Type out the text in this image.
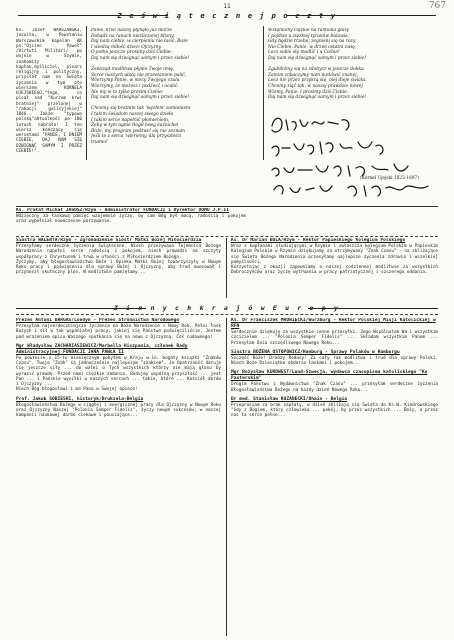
11	767
Z e ś w i ą t e c z n e j p o c z t y
Ks. Józef WARSZAWSKI, jezuita, w Powstaniu Warszawskim kapelan AK ps."Ojciec Paweł" /Virtuti Militari/ po wojnie w Szymie, znakomity kapłan,myśliciel, pisarz religijny i polityczny, przysłał nam na Święta życzenia w tym oto wierszem KORNELA UJEJSKIEGO,"tego, co pisał nad "Kurzem krwi bratniej" przelanej w "rabacji galicyjskiej" 1846. Jakże "typowo polską"aktualność po 100 latach nabrała! I ten wiersz kończący się wersetami "PANIE, I DNIEM CIEBIE, DAJ NAM SIĘ DZWIGNĄĆ SAMYM I PRZEZ CIEBIE!".
Panie, krwi naszej płynęło już morze
Dobądź na ranach niezliczonej blizny.
Daj nam ciebie, w cierpieniu nie łasić, Boże
I wiedzą miłość dzieci Ojczyzny.
O jedno jeszcze prosimy dziś Ciebie:
Daj nam się dźwignąć samym i przez siebie!

Zewsząd modlitwa płynie Twoje imię,
Serce naszych ułatę nie przestaniem palić,
Wierzymy Panie, w mocy Twojego czulu
Wierzymy, że możesz i podźwić i ocalić.
Ale my w to tylko prosim Ciebie:
Daj nam się dźwignąć samym i przez siebie!

Chcemy się bratnim tak 'węzłem' zamieniem
I takim świadom naszej swego dzieła
I takim serce napełnić płomieniem,
Żeby w tym ugnie tłogił beeg kaźnichel
Boże, my pragnim podźwić się nie zeznam
Jeśli to z serca 'wieriemy, dla przyszłości
trudno!
Wstąmieny ciężkie na ramiona głazy
I pojdzie u ciężkiej tyranów bulawie,
Gdy będzie trzeba, zegnieni się na rozy,
Nie Ciebie, Panie, w drzwi ostatni zwię,
Lecz sobie się modlić i u Ciebie!
Daj nam się dźwignąć samym i przez siebie!

Zgubiliśmy się na zdobycz w jeszcze dobka
Zamim zobaczymy nam wzdówić znanej,
Lecz nie przez przykrą się, niej dieje świata,
Chcemy ziąć tak, w naszej prawdzie nowej
Wiemy, Panie, i prosimy dziś Ciebie,
Daj nam się dźwignąć samym i przez siebie!
(Kornel Ujejski 1823-1897)
Ks. Prałat Michał JAGOSZ/Rzym - Administrator FUNDACJI i Dyrektor DOMU J.P.II
Wdzięczny za łaskawą pamięć wzajemnie życzę, by sam Bóg był mocą, radością i pokojem oraz wypełniał nowoczesne porzywanie.
Siostra WALENTA/Rzym - Zgromadzenie Sióstr Matki Bożej Miłosierdzia
Przesyłamy serdeczne życzenia świąteczne. Niech przeżywana Tajemnica Bożego Narodzenia napełni serce radością i pokojem, niech prowadzi na szczyty współpracy z Chrystusem i trwa w ufności z Miłosierdziem Bożego.
Życzymy, aby błogosławieństwo Boże i Opieka Matki Bożej towarzyszyły w Nowym Roku pracy i poświęceniu dla sprawy Bożej i Ojczyzny, aby trud owocował i przynosił skuteczny plon. W modlitwie pamiętamy...
Ks. Dr Marian BOLA/Rzym - Rektor Papieskiego Kolegium Polskiego
Wraz z kapłanami studiującymi w Rzymie i zwłaszcza kolegium Polskim w Papieskim Kolegium Polskim w Rzymie dziękujemy za otrzymywany "Znak Czasu" - na zbliżające się Święta Bożego Narodzenia przesyłamy najlepsze życzenia zdrowia i wszelkiej pomyślności.
Korzystając z okazji zapewniamy o naszej codziennej modlitwie za wszystkich Dobroczyńców oraz życzę wytrwania w pracy patriotycznej i szczerego oddania.
Z i n n y c h k r a j ó w E u r o p y
Prezes Antoni DARGAS/Londyn - Prezes Stronnictwa Narodowego
Przesyłam najserdeczniejsze życzenia na Boże Narodzenie i Nowy Rok. Pełni łask Bożych i sił w tak wspaniałej pracy, jakiej się Państwo poświęciliście. Jestem pod wrażeniem opisu Waszego spotkania się na nowo z Ojczyzną. Coś cudownego!
Mgr Władysław ZACHARIASIEWICZ/Marbella Hiszpania, członek Rady Administracyjnej FUNDACJI JANA PAWŁA II
Po powrocie z 15-tu miesięcznym pobytem w Kraju w.in. bogaty książki "Znaków Czasu". Twoje "Znak" są jednocześnie najlepszym "znakiem", że Opatrzność daruje Cię jeszcze siły ... do walki o Tych wszystkich którzy nie mają głosu by wyrazić prawdę. Przed nami ciężkie zadania. Budujmy wspólną przyszłość ... jest Pan ... i Pańskie wysiłki w naszych sercach ... takie, które ... Kościół dorów i Ojczyzny ...
Niech Bóg błogosławi i ma Pana w Swojej opiece!
Prof. Jakub SOBIESKI, historyk/Bruksela-Belgia
Błogosławieństwa Bożego w ciągłej i energicznej pracy dla Ojczyzny w Nowym Roku oraz Ojczyzny Naszej "Polonia Semper Fidelis", życzy nowym sukcesów, w naszej kampanii naukowej darbo ciekawe i pouczające...
Ks. Dr Franciszek MROWIECKI/Würzburg - Rektor Polskiej Misji Katolickiej w RFN
Serdecznie dziękuję za wszystkie cenne przesyłki. Jego Wspólnotom Wa i wszystkim czcicielom ... "Polonia Semper Fidelis" ... Składam wszystkim Panom ... Przesyłam Dnia szczęśliwego Nowego Roku...
Siostra BOŻENA OSTOPOWICZ/Hamburg - Sprawy Polaków w Hamburgu
Szczęść Boże! Drodzy Rodacy! Za cały rok modlitwa i trud dla sprawy Polski. Niech Boże Dzieciątko obdarza łaskami i pokojem...
Mgr Bożysław KURDWEST/Lund-Szwecja, wydawca czasopisma katolickiego "Ku Pasterskim"
Drogim Państwu z Wydawnictwa "Znak Czasu" ... przesyłam serdeczne życzenia Błogosławieństwa Bożego na każdy dzień Nowego Roku...
Dr med. Stanisław KOZANECKI/Ohain - Belgia
Przepraszam za brak zapłaty, w dzień zbliżają się Święta do Ks.W. Kiedrowskiego "Gdy z Bogiem, który człowieka ... pokój, by przez wszystkich ... Boży, a przez nas ta serce pełne...
